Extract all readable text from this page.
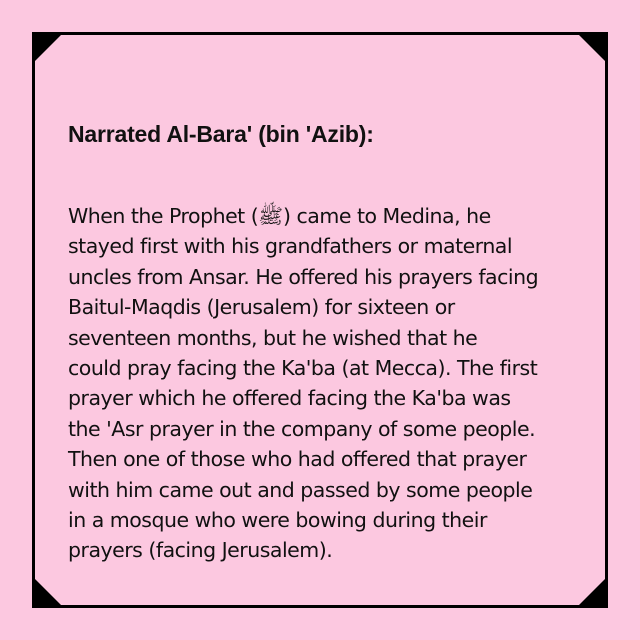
Narrated Al-Bara' (bin 'Azib):

When the Prophet (ﷺ) came to Medina, he
stayed first with his grandfathers or maternal
uncles from Ansar. He offered his prayers facing
Baitul-Maqdis (Jerusalem) for sixteen or
seventeen months, but he wished that he
could pray facing the Ka'ba (at Mecca). The first
prayer which he offered facing the Ka'ba was
the 'Asr prayer in the company of some people.
Then one of those who had offered that prayer
with him came out and passed by some people
in a mosque who were bowing during their
prayers (facing Jerusalem).
